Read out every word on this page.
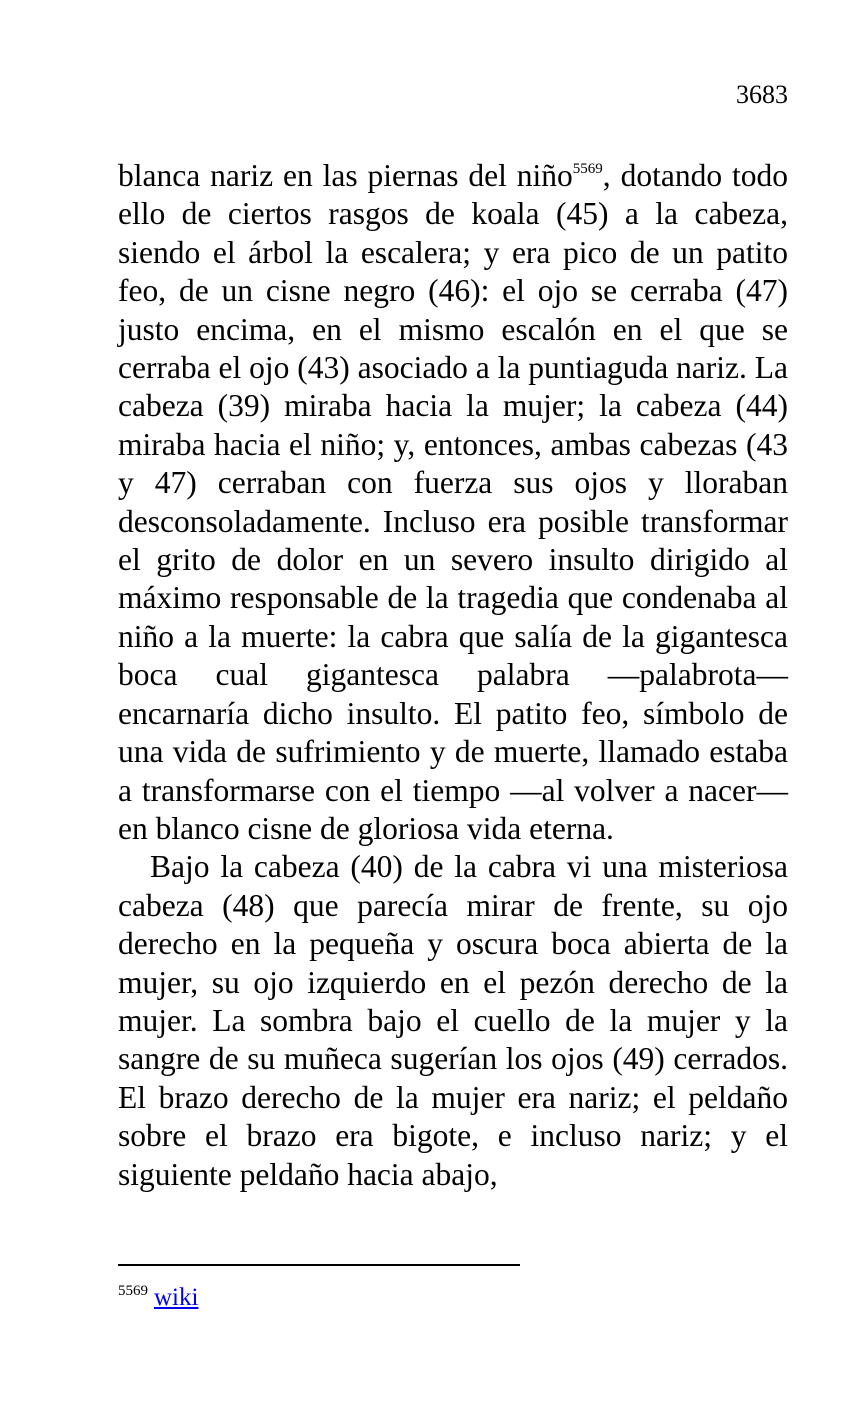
3683

blanca nariz en las piernas del niño$^{5569}$, dotando todo ello de ciertos rasgos de koala (45) a la cabeza, siendo el árbol la escalera; y era pico de un patito feo, de un cisne negro (46): el ojo se cerraba (47) justo encima, en el mismo escalón en el que se cerraba el ojo (43) asociado a la puntiaguda nariz. La cabeza (39) miraba hacia la mujer; la cabeza (44) miraba hacia el niño; y, entonces, ambas cabezas (43 y 47) cerraban con fuerza sus ojos y lloraban desconsoladamente. Incluso era posible transformar el grito de dolor en un severo insulto dirigido al máximo responsable de la tragedia que condenaba al niño a la muerte: la cabra que salía de la gigantesca boca cual gigantesca palabra —palabrota— encarnaría dicho insulto. El patito feo, símbolo de una vida de sufrimiento y de muerte, llamado estaba a transformarse con el tiempo —al volver a nacer— en blanco cisne de gloriosa vida eterna.

Bajo la cabeza (40) de la cabra vi una misteriosa cabeza (48) que parecía mirar de frente, su ojo derecho en la pequeña y oscura boca abierta de la mujer, su ojo izquierdo en el pezón derecho de la mujer. La sombra bajo el cuello de la mujer y la sangre de su muñeca sugerían los ojos (49) cerrados. El brazo derecho de la mujer era nariz; el peldaño sobre el brazo era bigote, e incluso nariz; y el siguiente peldaño hacia abajo,

$^{5569}$ wiki
